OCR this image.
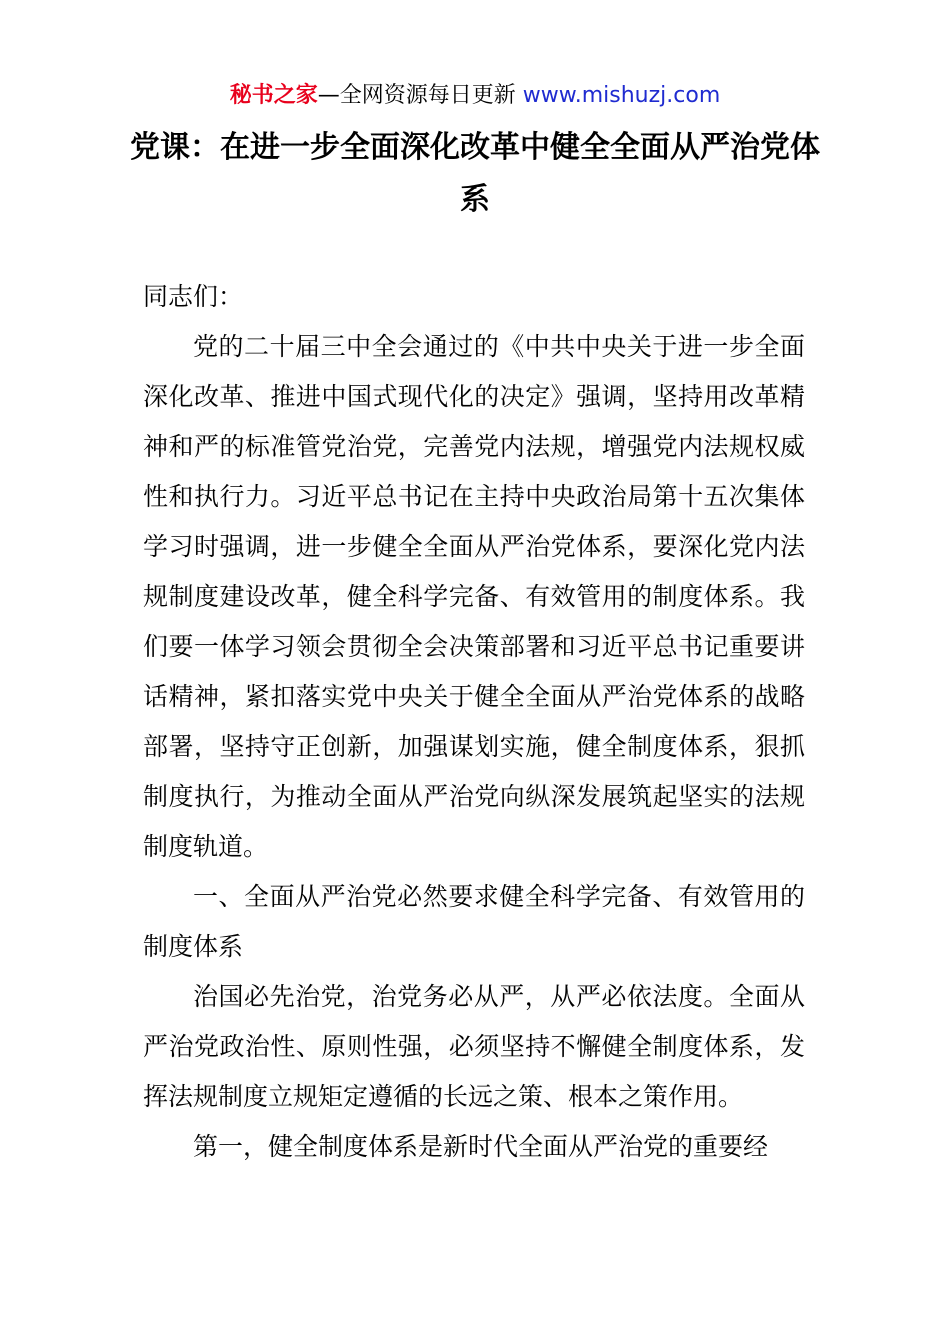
秘书之家—全网资源每日更新 www.mishuzj.com
党课：在进一步全面深化改革中健全全面从严治党体系

同志们：

党的二十届三中全会通过的《中共中央关于进一步全面深化改革、推进中国式现代化的决定》强调，坚持用改革精神和严的标准管党治党，完善党内法规，增强党内法规权威性和执行力。习近平总书记在主持中央政治局第十五次集体学习时强调，进一步健全全面从严治党体系，要深化党内法规制度建设改革，健全科学完备、有效管用的制度体系。我们要一体学习领会贯彻全会决策部署和习近平总书记重要讲话精神，紧扣落实党中央关于健全全面从严治党体系的战略部署，坚持守正创新，加强谋划实施，健全制度体系，狠抓制度执行，为推动全面从严治党向纵深发展筑起坚实的法规制度轨道。

一、全面从严治党必然要求健全科学完备、有效管用的制度体系

治国必先治党，治党务必从严，从严必依法度。全面从严治党政治性、原则性强，必须坚持不懈健全制度体系，发挥法规制度立规矩定遵循的长远之策、根本之策作用。

第一，健全制度体系是新时代全面从严治党的重要经
